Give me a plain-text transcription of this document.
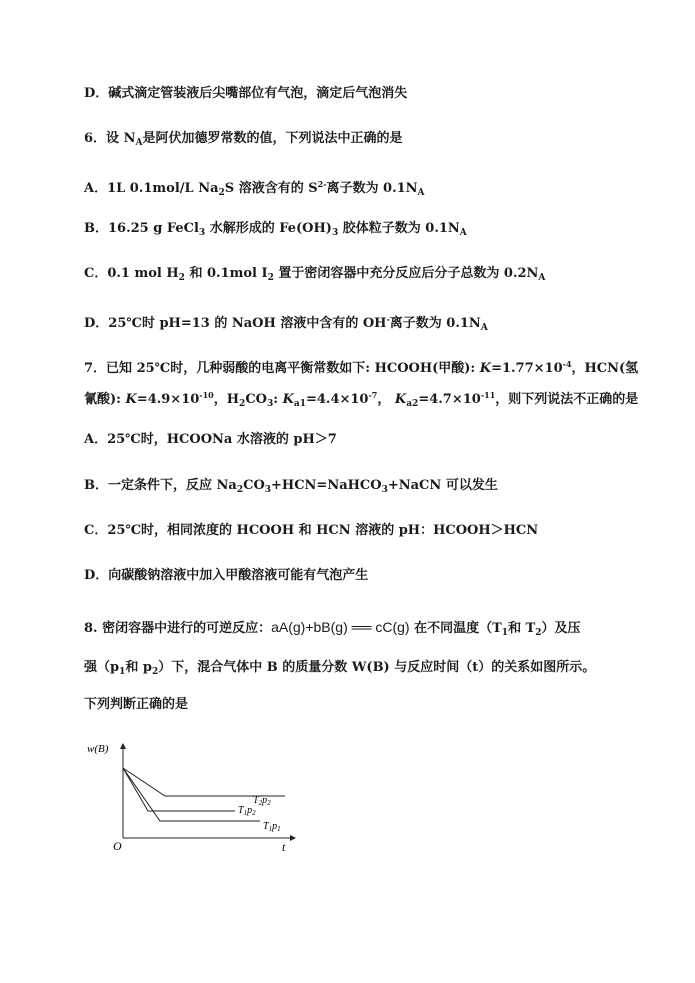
D．碱式滴定管装液后尖嘴部位有气泡，滴定后气泡消失
6．设 $N_A$是阿伏加德罗常数的值，下列说法中正确的是
A．1L 0.1mol/L $Na_2S$ 溶液含有的 $S^{2-}$离子数为 $0.1N_A$
B．16.25 g FeCl$_3$ 水解形成的 $Fe(OH)_3$ 胶体粒子数为 $0.1N_A$
C．0.1 mol $H_2$ 和 0.1mol $I_2$ 置于密闭容器中充分反应后分子总数为 $0.2N_A$
D．25℃时 pH=13 的 NaOH 溶液中含有的 OH-离子数为 $0.1N_A$
7．已知 25℃时，几种弱酸的电离平衡常数如下: HCOOH(甲酸): $K=1.77\times 10^{-4}$，HCN(氢
氰酸): $K=4.9\times 10^{-10}$，$H_2CO_3$: $K_{a1}=4.4\times 10^{-7}$， $K_{a2}=4.7\times 10^{-11}$，则下列说法不正确的是
A．25℃时，HCOONa 水溶液的 pH＞7
B．一定条件下，反应 $Na_2CO_3+HCN=NaHCO_3+NaCN$ 可以发生
C．25℃时，相同浓度的 HCOOH 和 HCN 溶液的 pH：HCOOH＞HCN
D．向碳酸钠溶液中加入甲酸溶液可能有气泡产生
8. 密闭容器中进行的可逆反应：aA(g)+bB(g) ══ cC(g) 在不同温度（$T_1$和 $T_2$）及压
强（$p_1$和 $p_2$）下，混合气体中 B 的质量分数 W(B) 与反应时间（t）的关系如图所示。
下列判断正确的是
w(B)
O	t
$T_2p_2$
$T_1p_2$
$T_1p_1$
